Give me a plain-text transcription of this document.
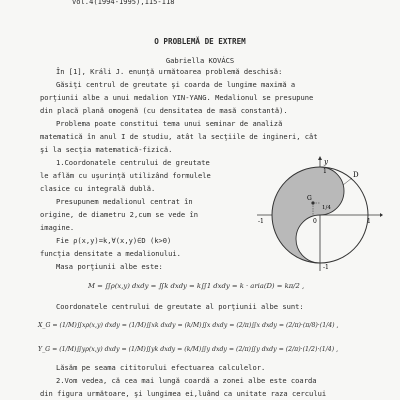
Vol.4(1994-1995),115-118
O PROBLEMĂ DE EXTREM
Gabriella KOVÁCS
În [1], Králi J. enunţă următoarea problemă deschisă:
Găsiţi centrul de greutate şi coarda de lungime maximă a
porţiunii albe a unui medalion YIN-YANG. Medalionul se presupune
din placă plană omogenă (cu densitatea de masă constantă).
Problema poate constitui tema unui seminar de analiză
matematică în anul I de studiu, atât la secţiile de ingineri, cât
şi la secţia matematică-fizică.
1.Coordonatele centrului de greutate
le aflăm cu uşurinţă utilizând formulele
clasice cu integrală dublă.
Presupunem medalionul centrat în
origine, de diametru 2,cum se vede în
imagine.
Fie ρ(x,y)=k,∀(x,y)∈D (k>0)
funcţia densitate a medalionului.
Masa porţiunii albe este:
M = ∬ρ(x,y) dxdy = ∬k dxdy = k∬1 dxdy = k · aria(D) = kπ/2 ,
Coordonatele centrului de greutate al porţiunii albe sunt:
X_G = (1/M)∬xρ(x,y) dxdy = (1/M)∬xk dxdy = (k/M)∬x dxdy = (2/π)∬x dxdy = (2/π)·(π/8)·(1/4) ,
Y_G = (1/M)∬yρ(x,y) dxdy = (1/M)∬yk dxdy = (k/M)∬y dxdy = (2/π)∬y dxdy = (2/π)·(1/2)·(1/4) ,
Lăsăm pe seama cititorului efectuarea calculelor.
2.Vom vedea, că cea mai lungă coardă a zonei albe este coarda
din figura următoare, şi lungimea ei,luând ca unitate raza cercului
D
y
1
G
1/4
1
-1	0
-1
